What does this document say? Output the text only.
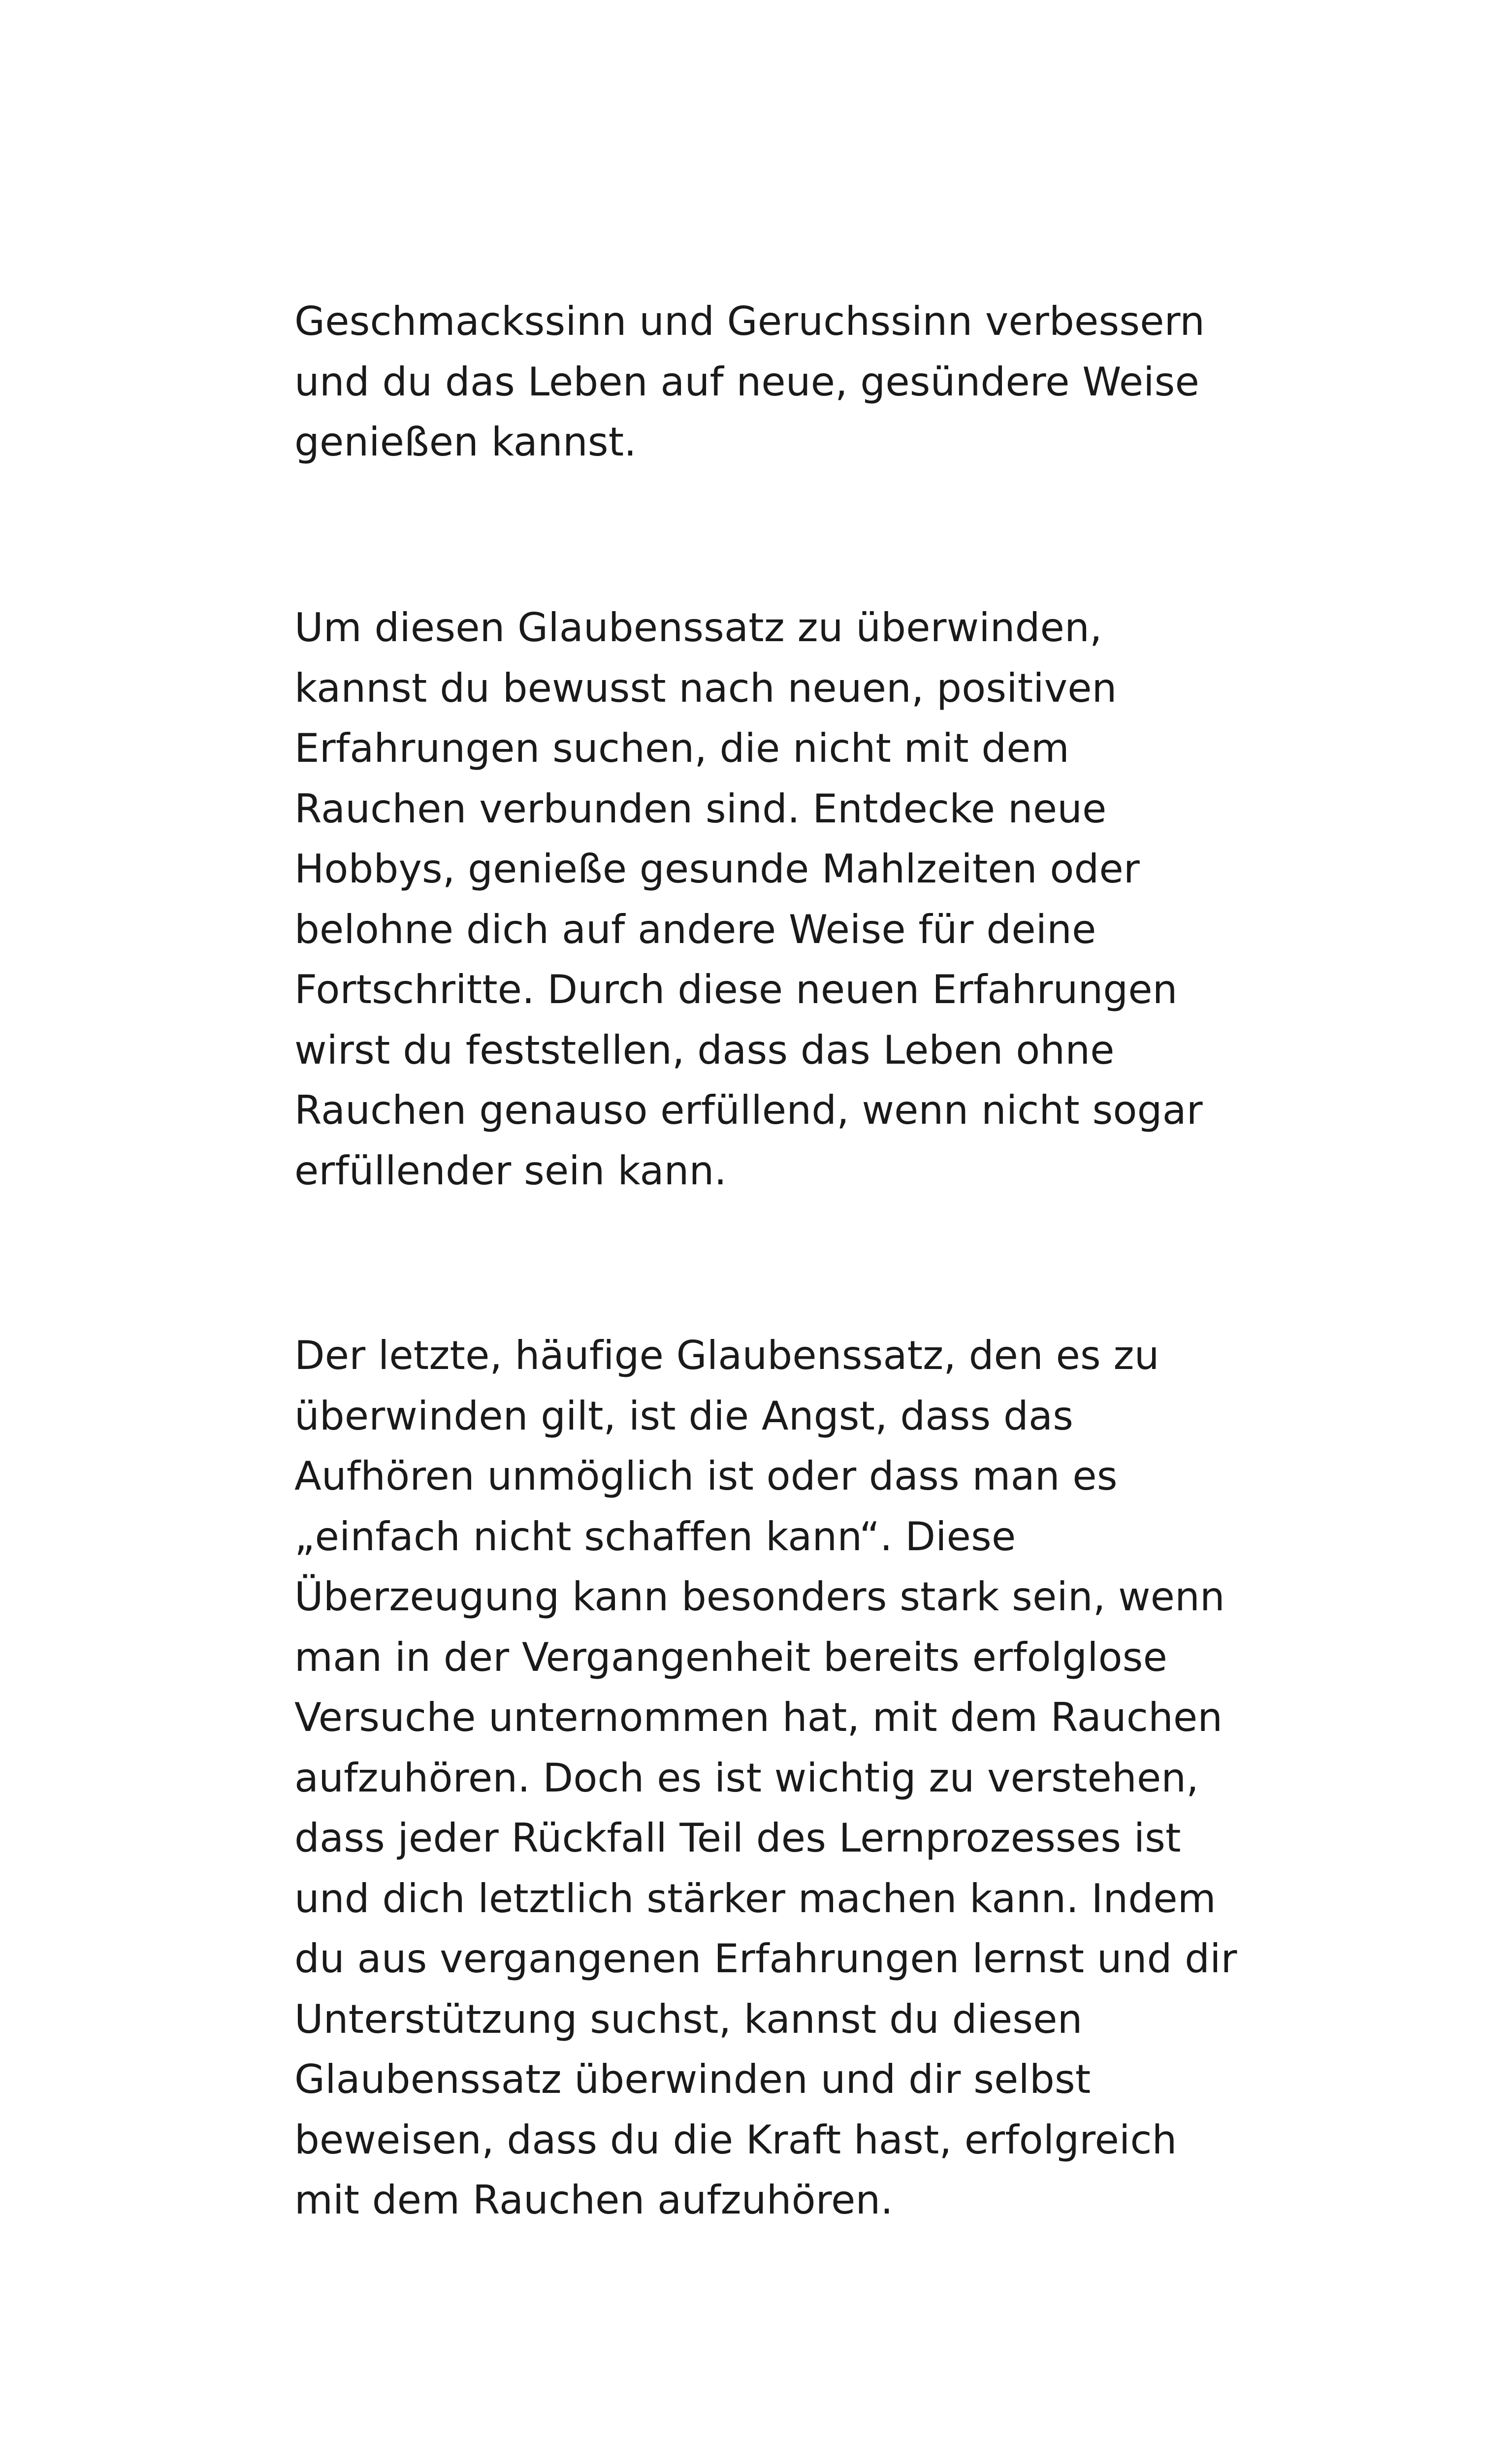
Geschmackssinn und Geruchssinn verbessern
und du das Leben auf neue, gesündere Weise
genießen kannst.

Um diesen Glaubenssatz zu überwinden,
kannst du bewusst nach neuen, positiven
Erfahrungen suchen, die nicht mit dem
Rauchen verbunden sind. Entdecke neue
Hobbys, genieße gesunde Mahlzeiten oder
belohne dich auf andere Weise für deine
Fortschritte. Durch diese neuen Erfahrungen
wirst du feststellen, dass das Leben ohne
Rauchen genauso erfüllend, wenn nicht sogar
erfüllender sein kann.

Der letzte, häufige Glaubenssatz, den es zu
überwinden gilt, ist die Angst, dass das
Aufhören unmöglich ist oder dass man es
„einfach nicht schaffen kann“. Diese
Überzeugung kann besonders stark sein, wenn
man in der Vergangenheit bereits erfolglose
Versuche unternommen hat, mit dem Rauchen
aufzuhören. Doch es ist wichtig zu verstehen,
dass jeder Rückfall Teil des Lernprozesses ist
und dich letztlich stärker machen kann. Indem
du aus vergangenen Erfahrungen lernst und dir
Unterstützung suchst, kannst du diesen
Glaubenssatz überwinden und dir selbst
beweisen, dass du die Kraft hast, erfolgreich
mit dem Rauchen aufzuhören.
